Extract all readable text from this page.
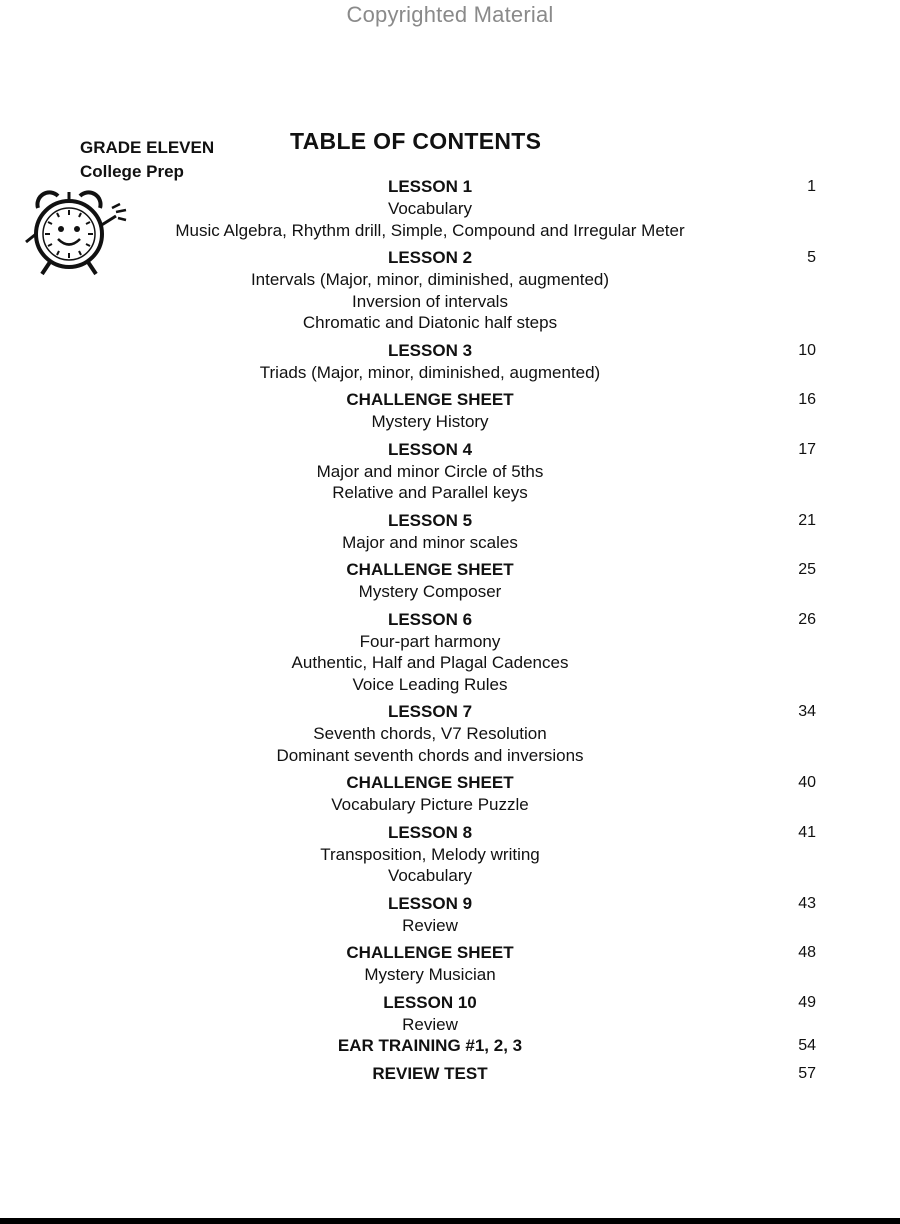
Copyrighted Material
GRADE ELEVEN
College Prep
TABLE OF CONTENTS
LESSON 1
Vocabulary
Music Algebra, Rhythm drill, Simple, Compound and Irregular Meter
1
LESSON 2
Intervals (Major, minor, diminished, augmented)
Inversion of intervals
Chromatic and Diatonic half steps
5
LESSON 3
Triads (Major, minor, diminished, augmented)
10
CHALLENGE SHEET
Mystery History
16
LESSON 4
Major and minor Circle of 5ths
Relative and Parallel keys
17
LESSON 5
Major and minor scales
21
CHALLENGE SHEET
Mystery Composer
25
LESSON 6
Four-part harmony
Authentic, Half and Plagal Cadences
Voice Leading Rules
26
LESSON 7
Seventh chords, V7 Resolution
Dominant seventh chords and inversions
34
CHALLENGE SHEET
Vocabulary Picture Puzzle
40
LESSON 8
Transposition, Melody writing
Vocabulary
41
LESSON 9
Review
43
CHALLENGE SHEET
Mystery Musician
48
LESSON 10
Review
49
EAR TRAINING #1, 2, 3	54
REVIEW TEST	57
